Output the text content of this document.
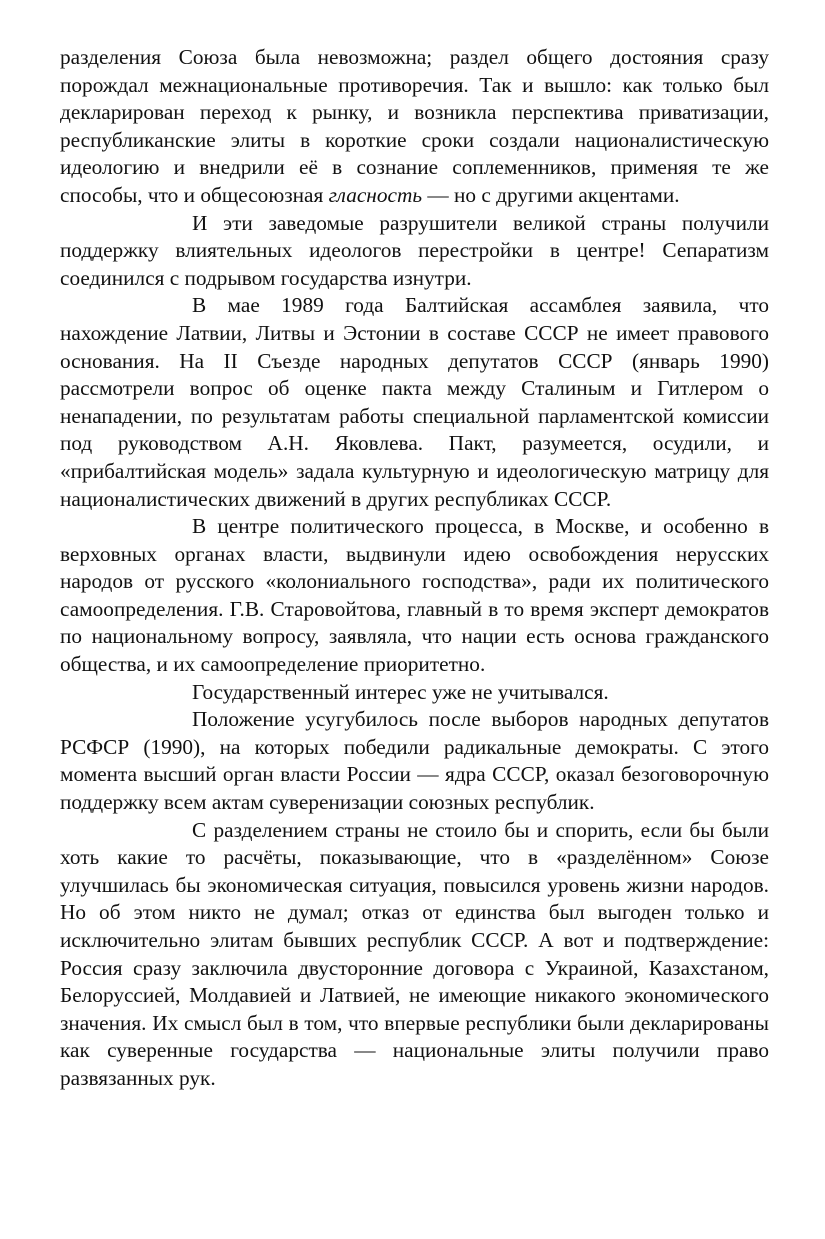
разделения Союза была невозможна; раздел общего достояния сразу порождал межнациональные противоречия. Так и вышло: как только был декларирован переход к рынку, и возникла перспектива приватизации, республиканские элиты в короткие сроки создали националистическую идеологию и внедрили её в сознание соплеменников, применяя те же способы, что и общесоюзная гласность — но с другими акцентами.

И эти заведомые разрушители великой страны получили поддержку влиятельных идеологов перестройки в центре! Сепаратизм соединился с подрывом государства изнутри.

В мае 1989 года Балтийская ассамблея заявила, что нахождение Латвии, Литвы и Эстонии в составе СССР не имеет правового основания. На II Съезде народных депутатов СССР (январь 1990) рассмотрели вопрос об оценке пакта между Сталиным и Гитлером о ненападении, по результатам работы специальной парламентской комиссии под руководством А.Н. Яковлева. Пакт, разумеется, осудили, и «прибалтийская модель» задала культурную и идеологическую матрицу для националистических движений в других республиках СССР.

В центре политического процесса, в Москве, и особенно в верховных органах власти, выдвинули идею освобождения нерусских народов от русского «колониального господства», ради их политического самоопределения. Г.В. Старовойтова, главный в то время эксперт демократов по национальному вопросу, заявляла, что нации есть основа гражданского общества, и их самоопределение приоритетно.

Государственный интерес уже не учитывался.

Положение усугубилось после выборов народных депутатов РСФСР (1990), на которых победили радикальные демократы. С этого момента высший орган власти России — ядра СССР, оказал безоговорочную поддержку всем актам суверенизации союзных республик.

С разделением страны не стоило бы и спорить, если бы были хоть какие то расчёты, показывающие, что в «разделённом» Союзе улучшилась бы экономическая ситуация, повысился уровень жизни народов. Но об этом никто не думал; отказ от единства был выгоден только и исключительно элитам бывших республик СССР. А вот и подтверждение: Россия сразу заключила двусторонние договора с Украиной, Казахстаном, Белоруссией, Молдавией и Латвией, не имеющие никакого экономического значения. Их смысл был в том, что впервые республики были декларированы как суверенные государства — национальные элиты получили право развязанных рук.
